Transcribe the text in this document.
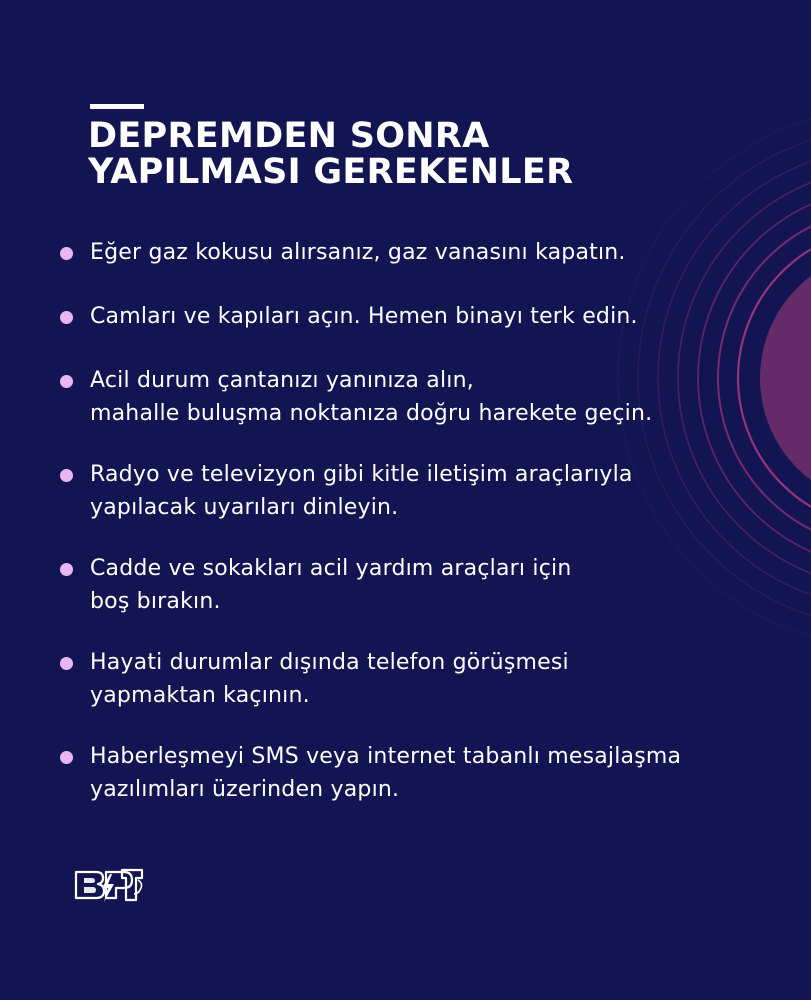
DEPREMDEN SONRA
YAPILMASI GEREKENLER
Eğer gaz kokusu alırsanız, gaz vanasını kapatın.
Camları ve kapıları açın. Hemen binayı terk edin.
Acil durum çantanızı yanınıza alın,
mahalle buluşma noktanıza doğru harekete geçin.
Radyo ve televizyon gibi kitle iletişim araçlarıyla
yapılacak uyarıları dinleyin.
Cadde ve sokakları acil yardım araçları için
boş bırakın.
Hayati durumlar dışında telefon görüşmesi
yapmaktan kaçının.
Haberleşmeyi SMS veya internet tabanlı mesajlaşma
yazılımları üzerinden yapın.
